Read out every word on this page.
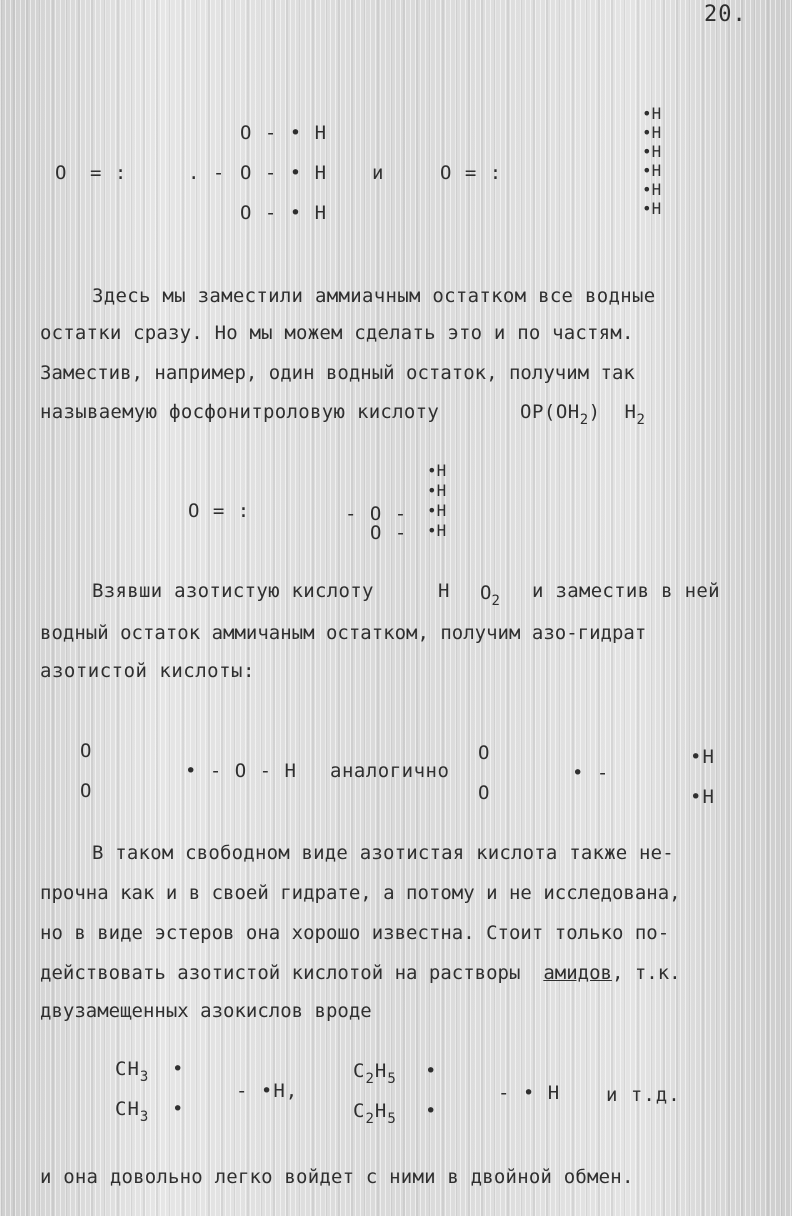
20.
О = :	. -
О - • Н
О - • Н
О - • Н
и	О = :
•Н
•Н
•Н
•Н
•Н
•Н
Здесь мы заместили аммиачным остатком все водные
остатки сразу. Но мы можем сделать это и по частям.
Заместив, например, один водный остаток, получим так
называемую фосфонитроловую кислоту	$ОР(ОН_2)$ $Н_2$
О = :	- О -
О -
•Н
•Н
•Н
•Н
Взявши азотистую кислоту	Н $О_2$ и заместив в ней
водный остаток аммичаным остатком, получим азо-гидрат
азотистой кислоты:
О
О
• - О - Н аналогично
О
О
• -
•Н
•Н
В таком свободном виде азотистая кислота также не-
прочна как и в своей гидрате, а потому и не исследована,
но в виде эстеров она хорошо известна. Стоит только по-
действовать азотистой кислотой на растворы амидов, т.к.
двузамещенных азокислов вроде
$СН_3$ •
$СН_3$ •
- •Н,
$С_2Н_5$ •
$С_2Н_5$ •
- • Н и т.д.
и она довольно легко войдет с ними в двойной обмен.
